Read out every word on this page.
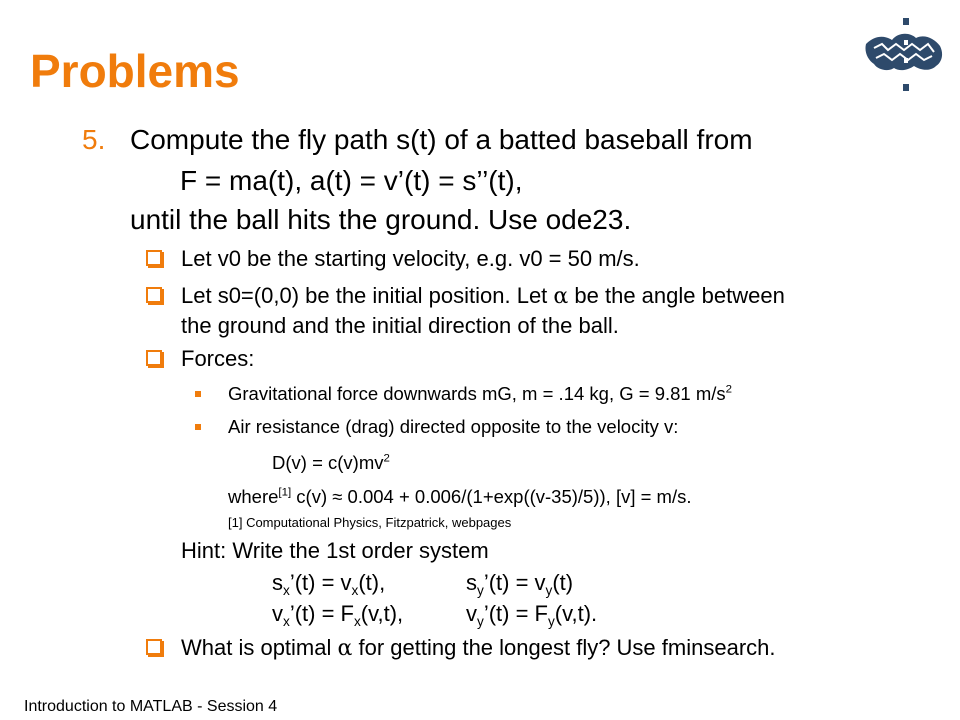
Problems
5. Compute the fly path s(t) of a batted baseball from
F = ma(t), a(t) = v’(t) = s’’(t),
until the ball hits the ground. Use ode23.
Let v0 be the starting velocity, e.g. v0 = 50 m/s.
Let s0=(0,0) be the initial position. Let α be the angle between
the ground and the initial direction of the ball.
Forces:
Gravitational force downwards mG, m = .14 kg, G = 9.81 $m/s^2$
Air resistance (drag) directed opposite to the velocity v:
$D(v) = c(v)mv^2$
where[1] c(v) ≈ 0.004 + 0.006/(1+exp((v-35)/5)), [v] = m/s.
[1] Computational Physics, Fitzpatrick, webpages
Hint: Write the 1st order system
$s_x’(t) = v_x(t)$,	$s_y’(t) = v_y(t)$
$v_x’(t) = F_x(v,t)$,	$v_y’(t) = F_y(v,t)$.
What is optimal α for getting the longest fly? Use fminsearch.
Introduction to MATLAB - Session 4
